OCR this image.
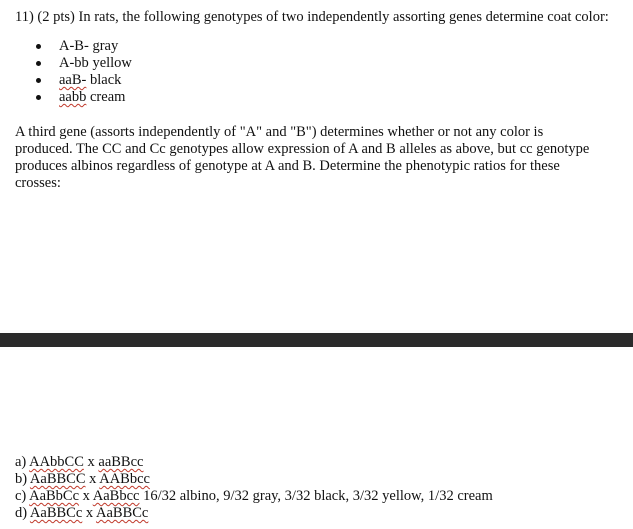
11) (2 pts) In rats, the following genotypes of two independently assorting genes determine coat color:

A-B- gray
A-bb yellow
aaB- black
aabb cream

A third gene (assorts independently of "A" and "B") determines whether or not any color is produced. The CC and Cc genotypes allow expression of A and B alleles as above, but cc genotype produces albinos regardless of genotype at A and B. Determine the phenotypic ratios for these crosses:

a) AAbbCC x aaBBcc
b) AaBBCC x AABbcc
c) AaBbCc x AaBbcc 16/32 albino, 9/32 gray, 3/32 black, 3/32 yellow, 1/32 cream
d) AaBBCc x AaBBCc
